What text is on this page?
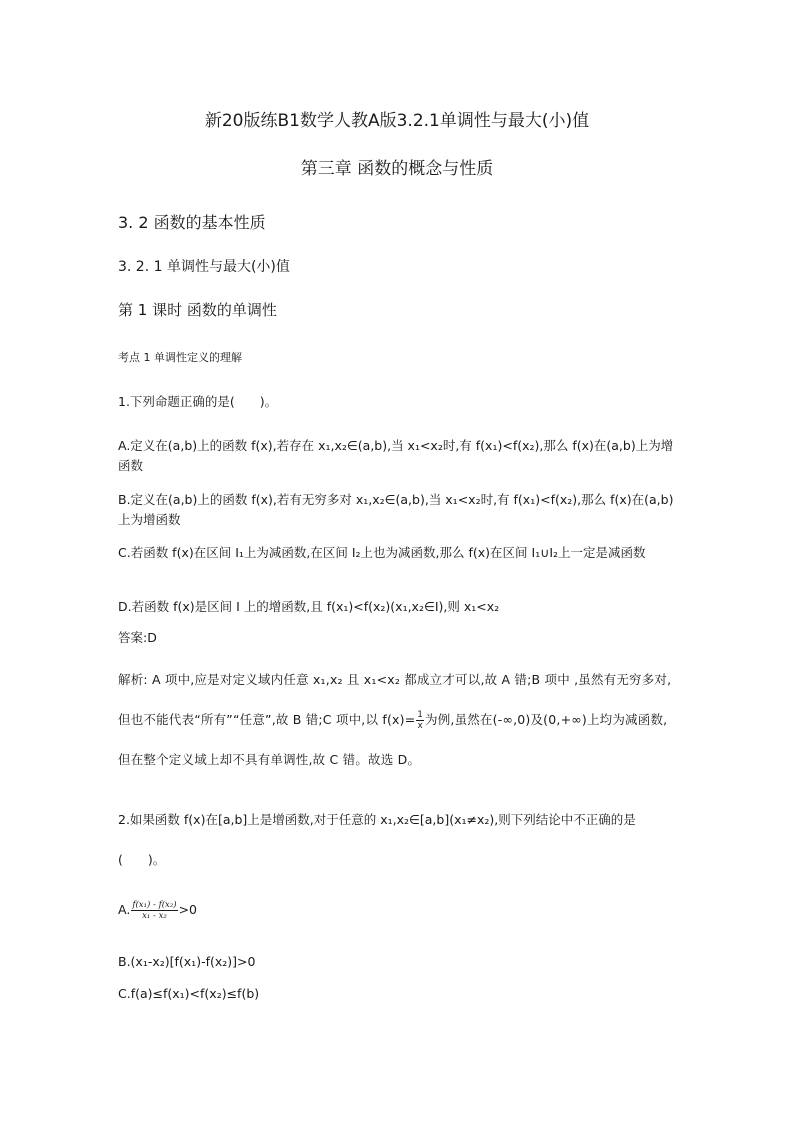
新20版练B1数学人教A版3.2.1单调性与最大(小)值
第三章 函数的概念与性质
3. 2 函数的基本性质
3. 2. 1 单调性与最大(小)值
第 1 课时 函数的单调性
考点 1 单调性定义的理解
1.下列命题正确的是(　　)。
A.定义在(a,b)上的函数 f(x),若存在 x₁,x₂∈(a,b),当 x₁<x₂时,有 f(x₁)<f(x₂),那么 f(x)在(a,b)上为增函数
B.定义在(a,b)上的函数 f(x),若有无穷多对 x₁,x₂∈(a,b),当 x₁<x₂时,有 f(x₁)<f(x₂),那么 f(x)在(a,b)上为增函数
C.若函数 f(x)在区间 I₁上为减函数,在区间 I₂上也为减函数,那么 f(x)在区间 I₁∪I₂上一定是减函数
D.若函数 f(x)是区间 I 上的增函数,且 f(x₁)<f(x₂)(x₁,x₂∈I),则 x₁<x₂
答案:D
解析: A 项中,应是对定义域内任意 x₁,x₂ 且 x₁<x₂ 都成立才可以,故 A 错;B 项中 ,虽然有无穷多对,但也不能代表“所有”“任意”,故 B 错;C 项中,以 $f(x)= \frac{1}{x}$ 为例,虽然在(-∞,0)及(0,+∞)上均为减函数,但在整个定义域上却不具有单调性,故 C 错。故选 D。
2.如果函数 f(x)在[a,b]上是增函数,对于任意的 x₁,x₂∈[a,b](x₁≠x₂),则下列结论中不正确的是(　　)。
A. $\frac{\text{f(x₁) - f(x₂)}}{\text{x₁ - x₂}} >0$
B.(x₁-x₂)[f(x₁)-f(x₂)]>0
C.f(a)≤f(x₁)<f(x₂)≤f(b)
